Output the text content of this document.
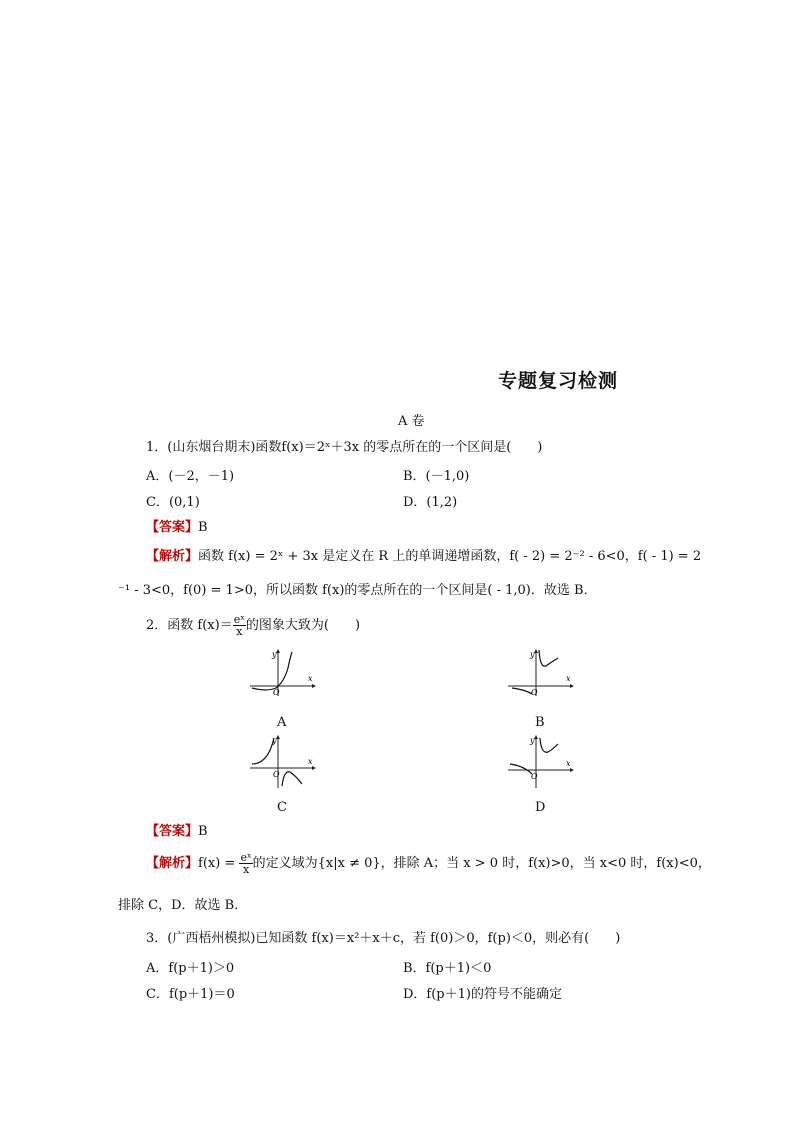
专题复习检测
A 卷
1．(山东烟台期末)函数f(x)＝2ˣ＋3x 的零点所在的一个区间是(　　)
A．(－2，－1)	B．(－1,0)
C．(0,1)	D．(1,2)
【答案】B
【解析】函数 f(x) = 2ˣ + 3x 是定义在 R 上的单调递增函数，f( - 2) = 2⁻² - 6<0，f( - 1) = 2
⁻¹ - 3<0，f(0) = 1>0，所以函数 f(x)的零点所在的一个区间是( - 1,0)．故选 B．
2．函数 $f(x)= \frac{\text{eˣ}}{x}$ 的图象大致为(　　)
y
x
O
A
y
x
O
B
y
x
O
C
y
x
O
D
【答案】B
【解析】$f(x) = \frac{\text{eˣ}}{x}$ 的定义域为{x|x ≠ 0}，排除 A；当 x > 0 时，f(x)>0，当 x<0 时，f(x)<0，
排除 C，D．故选 B．
3．(广西梧州模拟)已知函数 f(x)＝x²＋x＋c，若 f(0)＞0，f(p)＜0，则必有(　　)
A．f(p＋1)＞0	B．f(p＋1)＜0
C．f(p＋1)＝0	D．f(p＋1)的符号不能确定
